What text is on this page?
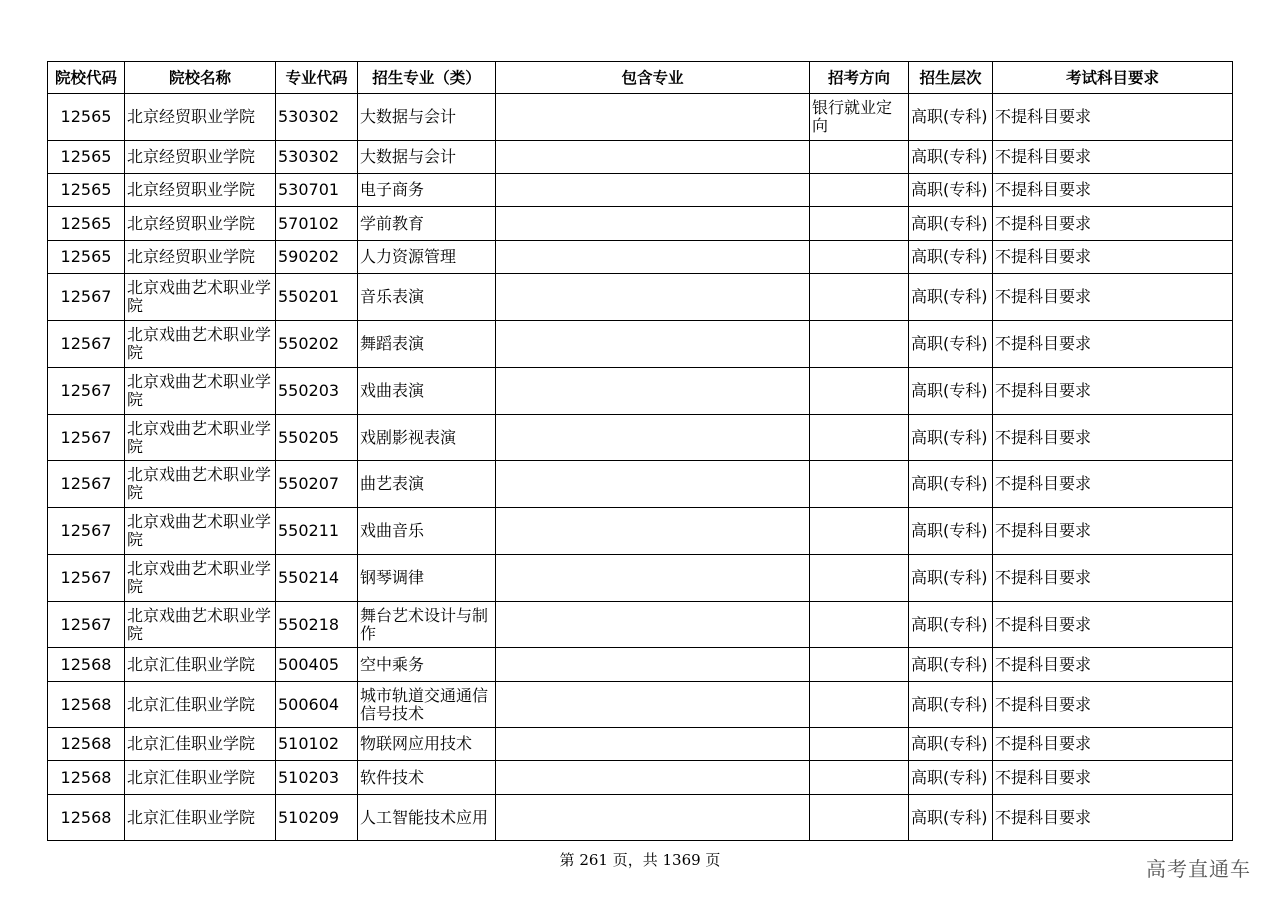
院校代码	院校名称	专业代码	招生专业（类）	包含专业	招考方向	招生层次	考试科目要求
12565	北京经贸职业学院	530302	大数据与会计		银行就业定向	高职(专科)	不提科目要求
12565	北京经贸职业学院	530302	大数据与会计			高职(专科)	不提科目要求
12565	北京经贸职业学院	530701	电子商务			高职(专科)	不提科目要求
12565	北京经贸职业学院	570102	学前教育			高职(专科)	不提科目要求
12565	北京经贸职业学院	590202	人力资源管理			高职(专科)	不提科目要求
12567	北京戏曲艺术职业学院	550201	音乐表演			高职(专科)	不提科目要求
12567	北京戏曲艺术职业学院	550202	舞蹈表演			高职(专科)	不提科目要求
12567	北京戏曲艺术职业学院	550203	戏曲表演			高职(专科)	不提科目要求
12567	北京戏曲艺术职业学院	550205	戏剧影视表演			高职(专科)	不提科目要求
12567	北京戏曲艺术职业学院	550207	曲艺表演			高职(专科)	不提科目要求
12567	北京戏曲艺术职业学院	550211	戏曲音乐			高职(专科)	不提科目要求
12567	北京戏曲艺术职业学院	550214	钢琴调律			高职(专科)	不提科目要求
12567	北京戏曲艺术职业学院	550218	舞台艺术设计与制作			高职(专科)	不提科目要求
12568	北京汇佳职业学院	500405	空中乘务			高职(专科)	不提科目要求
12568	北京汇佳职业学院	500604	城市轨道交通通信信号技术			高职(专科)	不提科目要求
12568	北京汇佳职业学院	510102	物联网应用技术			高职(专科)	不提科目要求
12568	北京汇佳职业学院	510203	软件技术			高职(专科)	不提科目要求
12568	北京汇佳职业学院	510209	人工智能技术应用			高职(专科)	不提科目要求
第 261 页，共 1369 页	高考直通车
